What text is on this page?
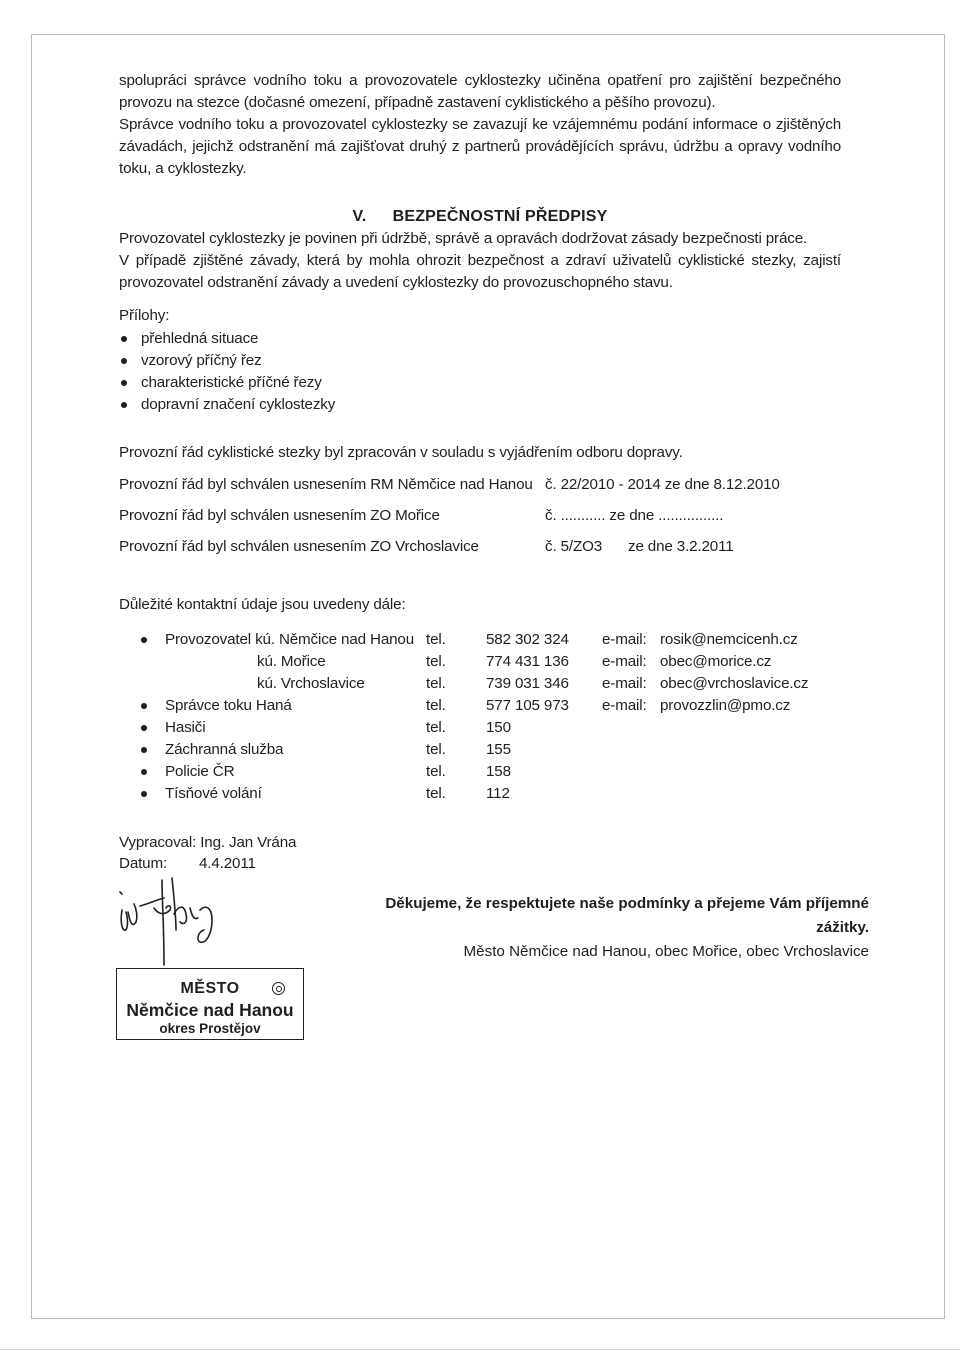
spolupráci správce vodního toku a provozovatele cyklostezky učiněna opatření pro zajištění bezpečného provozu na stezce (dočasné omezení, případně zastavení cyklistického a pěšího provozu).

Správce vodního toku a provozovatel cyklostezky se zavazují ke vzájemnému podání informace o zjištěných závadách, jejichž odstranění má zajišťovat druhý z partnerů provádějících správu, údržbu a opravy vodního toku, a cyklostezky.

V. BEZPEČNOSTNÍ PŘEDPISY

Provozovatel cyklostezky je povinen při údržbě, správě a opravách dodržovat zásady bezpečnosti práce.

V případě zjištěné závady, která by mohla ohrozit bezpečnost a zdraví uživatelů cyklistické stezky, zajistí provozovatel odstranění závady a uvedení cyklostezky do provozuschopného stavu.

Přílohy:

přehledná situace
vzorový příčný řez
charakteristické příčné řezy
dopravní značení cyklostezky

Provozní řád cyklistické stezky byl zpracován v souladu s vyjádřením odboru dopravy.

Provozní řád byl schválen usnesením RM Němčice nad Hanou č. 22/2010 - 2014 ze dne 8.12.2010
Provozní řád byl schválen usnesením ZO Mořice	č. ........... ze dne ................
Provozní řád byl schválen usnesením ZO Vrchoslavice	č. 5/ZO3	ze dne 3.2.2011

Důležité kontaktní údaje jsou uvedeny dále:

	Provozovatel kú. Němčice nad Hanou	tel.	582 302 324	e-mail:	rosik@nemcicenh.cz
	kú. Mořice	tel.	774 431 136	e-mail:	obec@morice.cz
	kú. Vrchoslavice	tel.	739 031 346	e-mail:	obec@vrchoslavice.cz
	Správce toku Haná	tel.	577 105 973	e-mail:	provozzlin@pmo.cz
	Hasiči	tel.	150		
	Záchranná služba	tel.	155		
	Policie ČR	tel.	158		
	Tísňové volání	tel.	112		

Vypracoval: Ing. Jan Vrána

Datum: 4.4.2011

MĚSTO
Němčice nad Hanou
okres Prostějov

Děkujeme, že respektujete naše podmínky a přejeme Vám příjemné zážitky.

Město Němčice nad Hanou, obec Mořice, obec Vrchoslavice
